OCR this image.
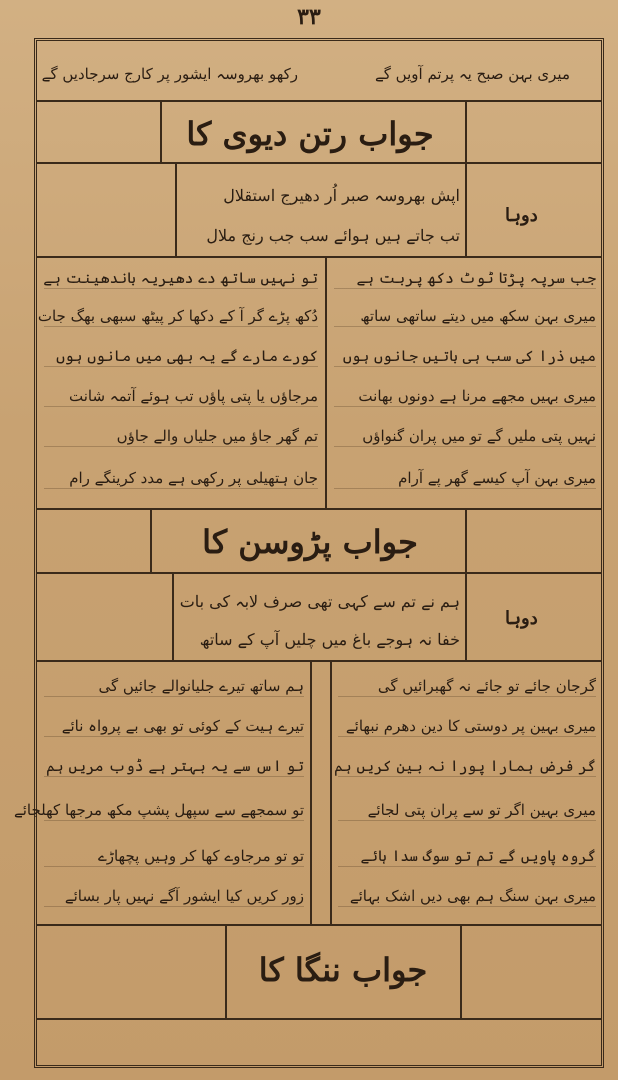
۳۳
میری بہن صبح یہ پرتم آویں گے
رکھو بھروسہ ایشور پر کارج سرجادیں گے
جواب رتن دیوی کا
دوہا
اپش بھروسہ صبر اُر دھیرج استقلال
تب جاتے ہیں ہوائے سب جب رنج ملال
جب سرپہ پڑتا ٹوٹ دکھ پربت ہے
میری بہن سکھ میں دیتے ساتھی ساتھ
میں ذرا کی سب ہی باتیں جانوں ہوں
میری بہیں مجھے مرنا ہے دونوں بھانت
نہیں پتی ملیں گے تو میں پران گنواؤں
میری بہن آپ کیسے گھر پے آرام
تو نہیں ساتھ دے دھیریہ باندھینت ہے
دُکھ پڑے گر آ کے دکھا کر پیٹھ سبھی بھگ جات
کورے مارے گے یہ بھی میں مانوں ہوں
مرجاؤں یا پتی پاؤں تب ہوئے آتمہ شانت
تم گھر جاؤ میں جلیاں والے جاؤں
جان ہتھیلی پر رکھی ہے مدد کرینگے رام
جواب پڑوسن کا
دوہا
ہم نے تم سے کہی تھی صرف لابہ کی بات
خفا نہ ہوجے باغ میں چلیں آپ کے ساتھ
گرجان جائے تو جائے نہ گھبرائیں گی
میری بہین پر دوستی کا دین دھرم نبھائے
گر فرض ہمارا پورا نہ بین کریں ہم
میری بہین اگر تو سے پران پتی لجائے
گروہ پاویں گے تم تو سوگ سدا ہائے
میری بہن سنگ ہم بھی دیں اشک بہائے
ہم ساتھ تیرے جلیانوالے جائیں گی
تیرے ہیت کے کوئی تو بھی بے پرواہ نائے
تو اس سے یہ بہتر ہے ڈوب مریں ہم
تو سمجھے سے سپھل پشپ مکھ مرجھا کھلجائے
تو تو مرجاوے کھا کر وہیں پچھاڑے
زور کریں کیا ایشور آگے نہیں پار بسائے
جواب ننگا کا
